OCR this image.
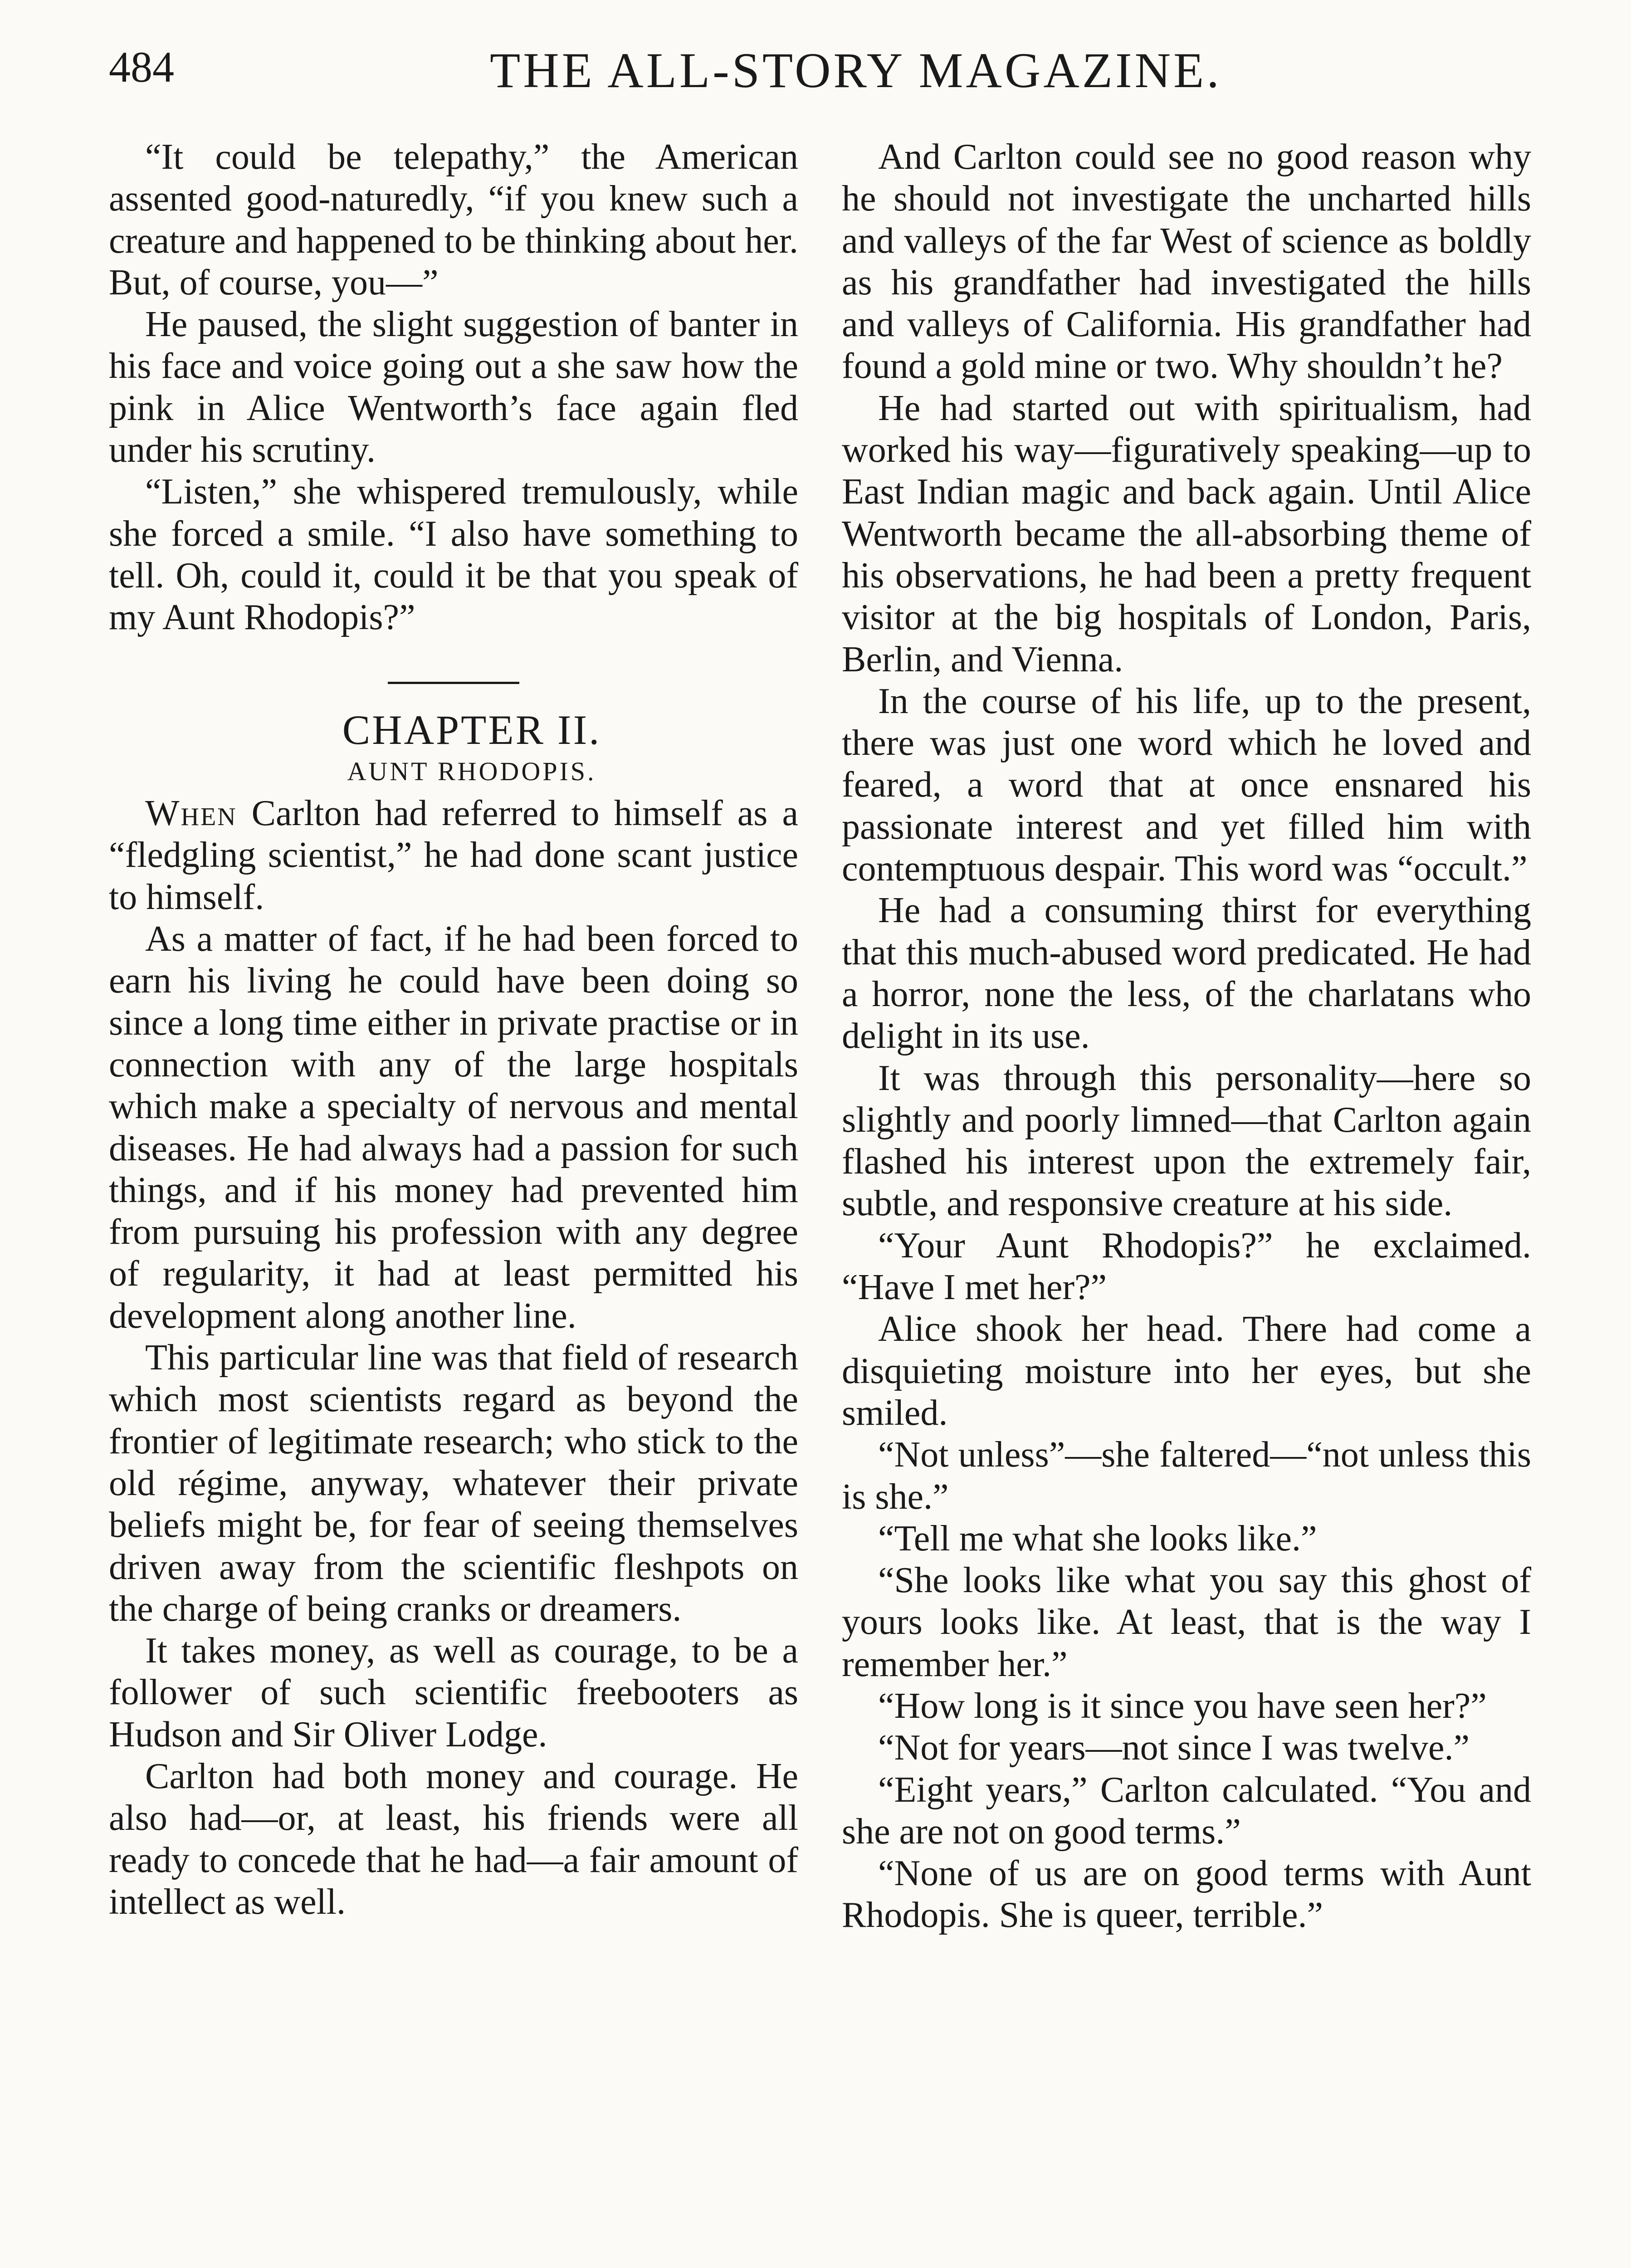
484	THE ALL-STORY MAGAZINE.

“It could be telepathy,” the American assented good-naturedly, “if you knew such a creature and happened to be thinking about her. But, of course, you—”

He paused, the slight suggestion of banter in his face and voice going out a she saw how the pink in Alice Wentworth’s face again fled under his scrutiny.

“Listen,” she whispered tremulously, while she forced a smile. “I also have something to tell. Oh, could it, could it be that you speak of my Aunt Rhodopis?”

CHAPTER II.

AUNT RHODOPIS.

When Carlton had referred to himself as a “fledgling scientist,” he had done scant justice to himself.

As a matter of fact, if he had been forced to earn his living he could have been doing so since a long time either in private practise or in connection with any of the large hospitals which make a specialty of nervous and mental diseases. He had always had a passion for such things, and if his money had prevented him from pursuing his profession with any degree of regularity, it had at least permitted his development along another line.

This particular line was that field of research which most scientists regard as beyond the frontier of legitimate research; who stick to the old régime, anyway, whatever their private beliefs might be, for fear of seeing themselves driven away from the scientific fleshpots on the charge of being cranks or dreamers.

It takes money, as well as courage, to be a follower of such scientific freebooters as Hudson and Sir Oliver Lodge.

Carlton had both money and courage. He also had—or, at least, his friends were all ready to concede that he had—a fair amount of intellect as well.

And Carlton could see no good reason why he should not investigate the uncharted hills and valleys of the far West of science as boldly as his grandfather had investigated the hills and valleys of California. His grandfather had found a gold mine or two. Why shouldn’t he?

He had started out with spiritualism, had worked his way—figuratively speaking—up to East Indian magic and back again. Until Alice Wentworth became the all-absorbing theme of his observations, he had been a pretty frequent visitor at the big hospitals of London, Paris, Berlin, and Vienna.

In the course of his life, up to the present, there was just one word which he loved and feared, a word that at once ensnared his passionate interest and yet filled him with contemptuous despair. This word was “occult.”

He had a consuming thirst for everything that this much-abused word predicated. He had a horror, none the less, of the charlatans who delight in its use.

It was through this personality—here so slightly and poorly limned—that Carlton again flashed his interest upon the extremely fair, subtle, and responsive creature at his side.

“Your Aunt Rhodopis?” he exclaimed. “Have I met her?”

Alice shook her head. There had come a disquieting moisture into her eyes, but she smiled.

“Not unless”—she faltered—“not unless this is she.”

“Tell me what she looks like.”

“She looks like what you say this ghost of yours looks like. At least, that is the way I remember her.”

“How long is it since you have seen her?”

“Not for years—not since I was twelve.”

“Eight years,” Carlton calculated. “You and she are not on good terms.”

“None of us are on good terms with Aunt Rhodopis. She is queer, terrible.”
